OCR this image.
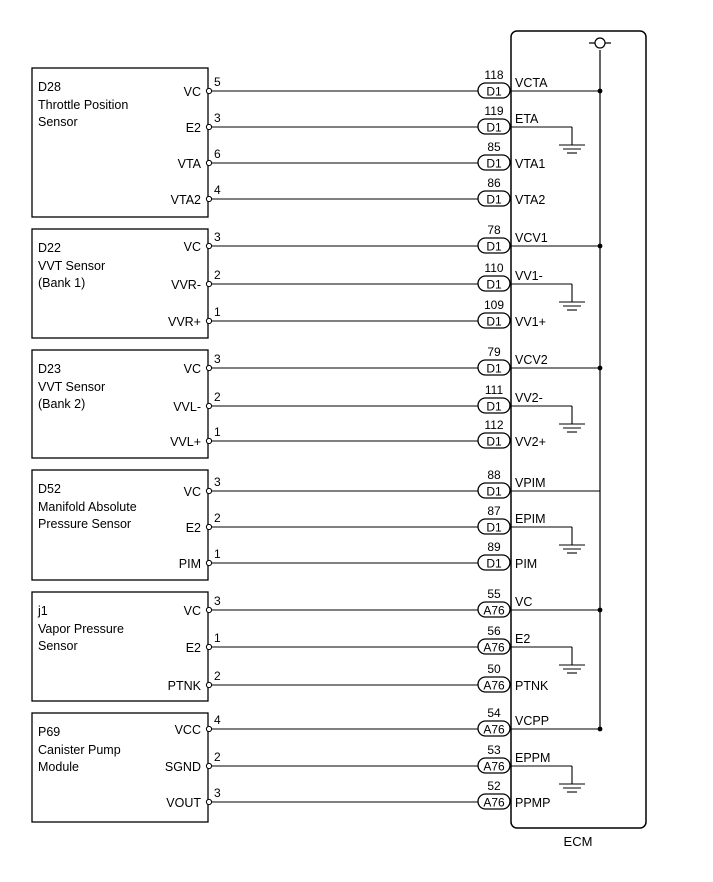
ECM
D28
Throttle Position
Sensor
VC
5
D1
118
VCTA
E2
3
D1
119
ETA
VTA
6
D1
85
VTA1
VTA2
4
D1
86
VTA2
D22
VVT Sensor
(Bank 1)
VC
3
D1
78
VCV1
VVR-
2
D1
110
VV1-
VVR+
1
D1
109
VV1+
D23
VVT Sensor
(Bank 2)
VC
3
D1
79
VCV2
VVL-
2
D1
111
VV2-
VVL+
1
D1
112
VV2+
D52
Manifold Absolute
Pressure Sensor
VC
3
D1
88
VPIM
E2
2
D1
87
EPIM
PIM
1
D1
89
PIM
j1
Vapor Pressure
Sensor
VC
3
A76
55
VC
E2
1
A76
56
E2
PTNK
2
A76
50
PTNK
P69
Canister Pump
Module
VCC
4
A76
54
VCPP
SGND
2
A76
53
EPPM
VOUT
3
A76
52
PPMP
